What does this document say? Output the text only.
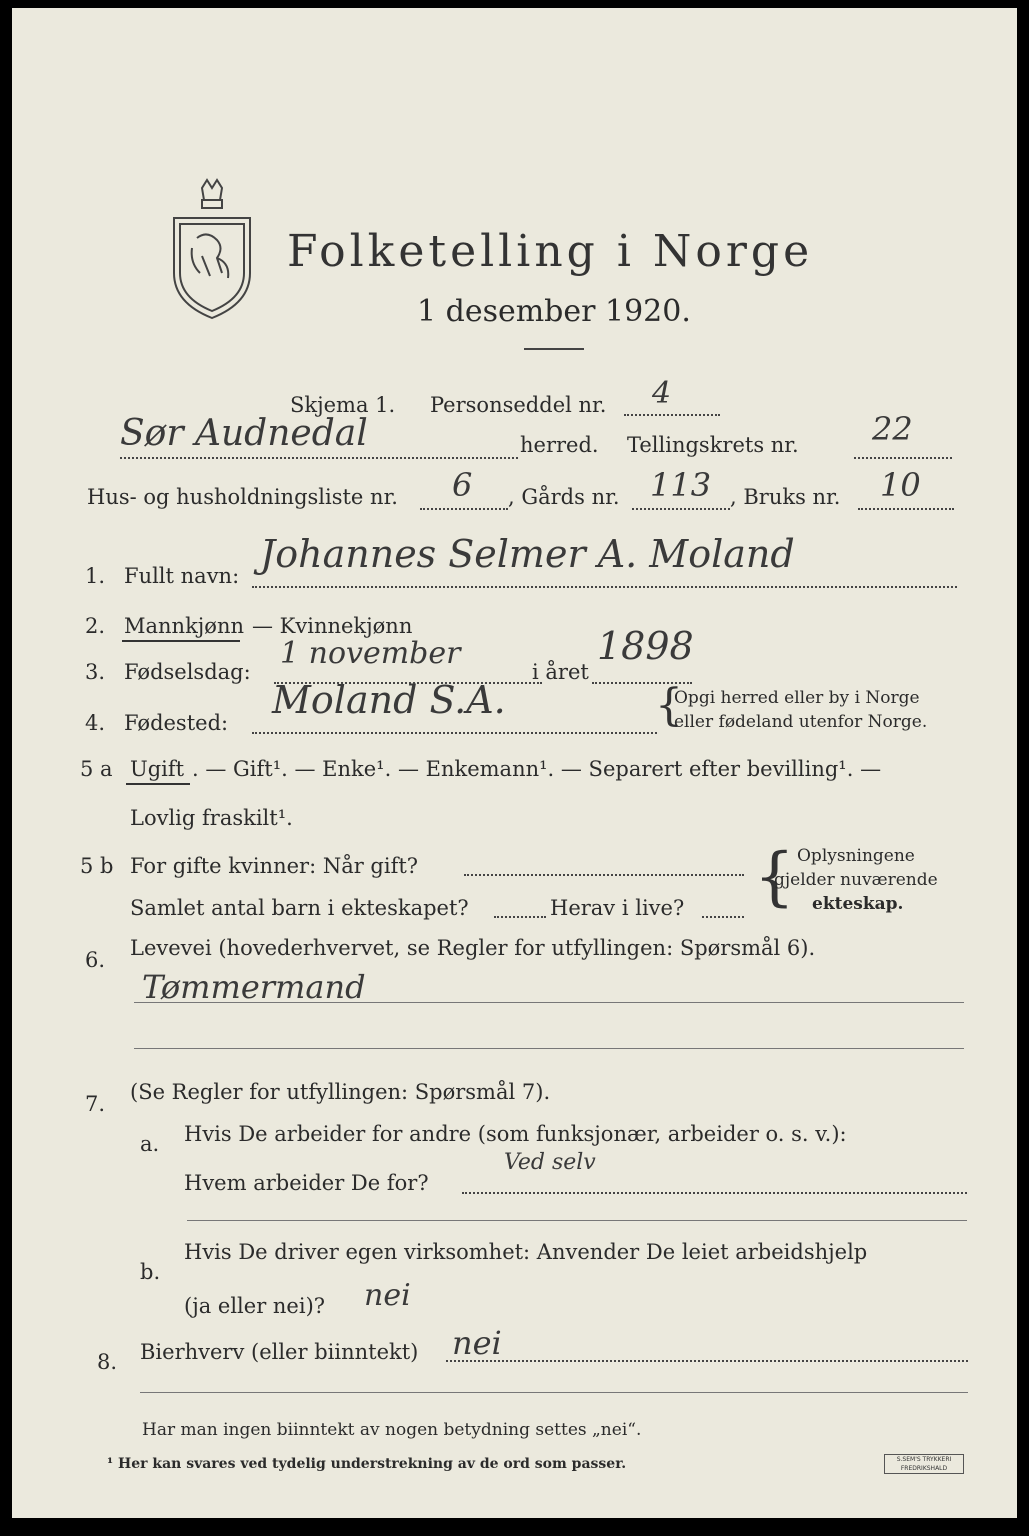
Folketelling i Norge
1 desember 1920.
Skjema 1. Personseddel nr. 4
Sør Audnedal	herred. Tellingskrets nr. 22
Hus- og husholdningsliste nr. 6 , Gårds nr. 113 , Bruks nr. 10
1. Fullt navn: Johannes Selmer A. Moland
2. Mannkjønn — Kvinnekjønn
3. Fødselsdag:
1 november
i året
1898
4. Fødested:
Moland S.A.	{
Opgi herred eller by i Norge
eller fødeland utenfor Norge.
5 a Ugift . — Gift¹. — Enke¹. — Enkemann¹. — Separert efter bevilling¹. —
Lovlig fraskilt¹.
5 b For gifte kvinner: Når gift?
Samlet antal barn i ekteskapet?	Herav i live? { Oplysningene
gjelder nuværende
ekteskap.
6. Levevei (hovederhvervet, se Regler for utfyllingen: Spørsmål 6).
Tømmermand
7. (Se Regler for utfyllingen: Spørsmål 7).
a. Hvis De arbeider for andre (som funksjonær, arbeider o. s. v.):
Hvem arbeider De for?
Ved selv
b.
Hvis De driver egen virksomhet: Anvender De leiet arbeidshjelp
(ja eller nei)? nei
8. Bierhverv (eller biinntekt) nei
Har man ingen biinntekt av nogen betydning settes „nei“.
¹ Her kan svares ved tydelig understrekning av de ord som passer.	S.SEM'S TRYKKERI FREDRIKSHALD
